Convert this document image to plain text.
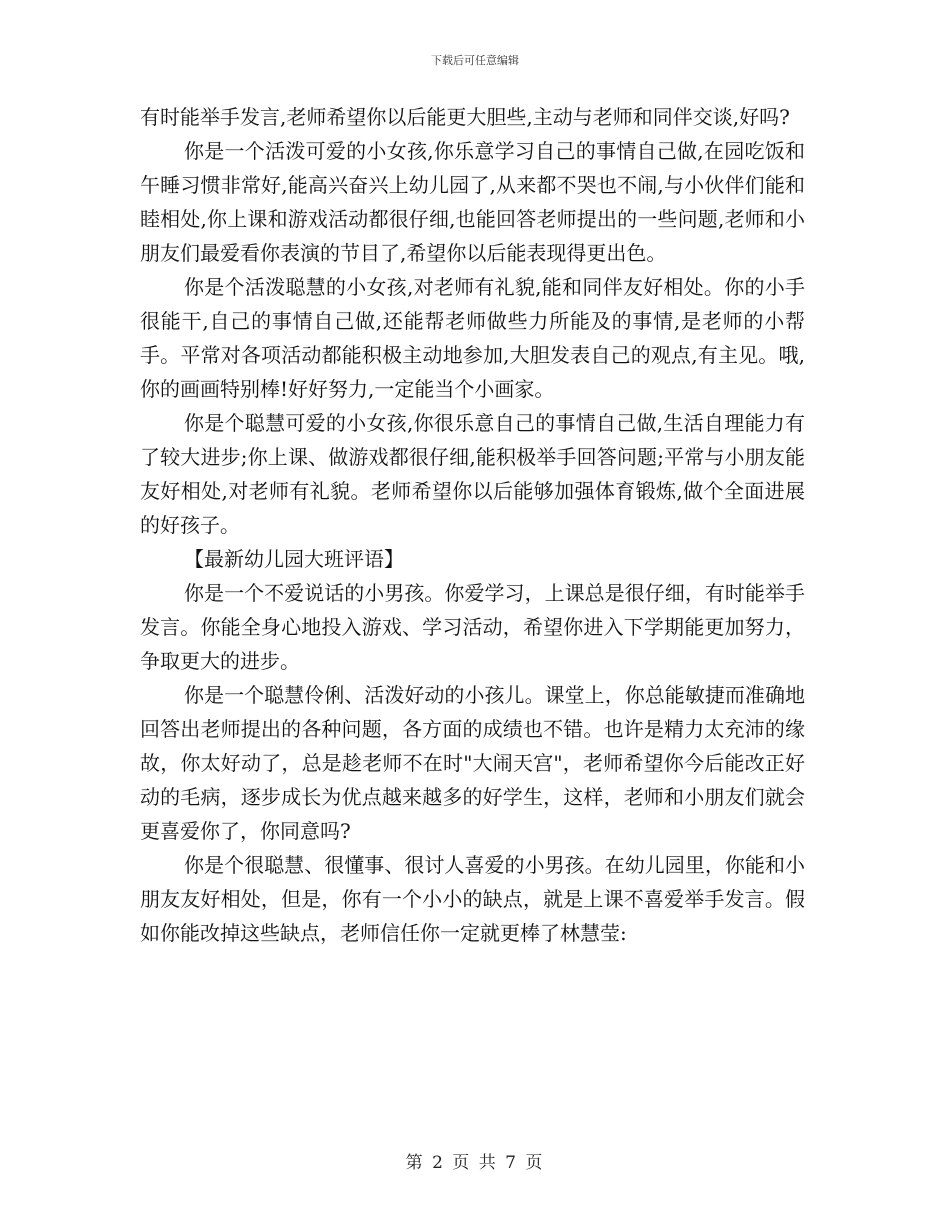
下载后可任意编辑

有时能举手发言,老师希望你以后能更大胆些,主动与老师和同伴交谈,好吗?

你是一个活泼可爱的小女孩,你乐意学习自己的事情自己做,在园吃饭和午睡习惯非常好,能高兴奋兴上幼儿园了,从来都不哭也不闹,与小伙伴们能和睦相处,你上课和游戏活动都很仔细,也能回答老师提出的一些问题,老师和小朋友们最爱看你表演的节目了,希望你以后能表现得更出色。

你是个活泼聪慧的小女孩,对老师有礼貌,能和同伴友好相处。你的小手很能干,自己的事情自己做,还能帮老师做些力所能及的事情,是老师的小帮手。平常对各项活动都能积极主动地参加,大胆发表自己的观点,有主见。哦,你的画画特别棒!好好努力,一定能当个小画家。

你是个聪慧可爱的小女孩,你很乐意自己的事情自己做,生活自理能力有了较大进步;你上课、做游戏都很仔细,能积极举手回答问题;平常与小朋友能友好相处,对老师有礼貌。老师希望你以后能够加强体育锻炼,做个全面进展的好孩子。

【最新幼儿园大班评语】

你是一个不爱说话的小男孩。你爱学习，上课总是很仔细，有时能举手发言。你能全身心地投入游戏、学习活动，希望你进入下学期能更加努力，争取更大的进步。

你是一个聪慧伶俐、活泼好动的小孩儿。课堂上，你总能敏捷而准确地回答出老师提出的各种问题，各方面的成绩也不错。也许是精力太充沛的缘故，你太好动了，总是趁老师不在时"大闹天宫"，老师希望你今后能改正好动的毛病，逐步成长为优点越来越多的好学生，这样，老师和小朋友们就会更喜爱你了，你同意吗?

你是个很聪慧、很懂事、很讨人喜爱的小男孩。在幼儿园里，你能和小朋友友好相处，但是，你有一个小小的缺点，就是上课不喜爱举手发言。假如你能改掉这些缺点，老师信任你一定就更棒了林慧莹:

第 2 页 共 7 页
